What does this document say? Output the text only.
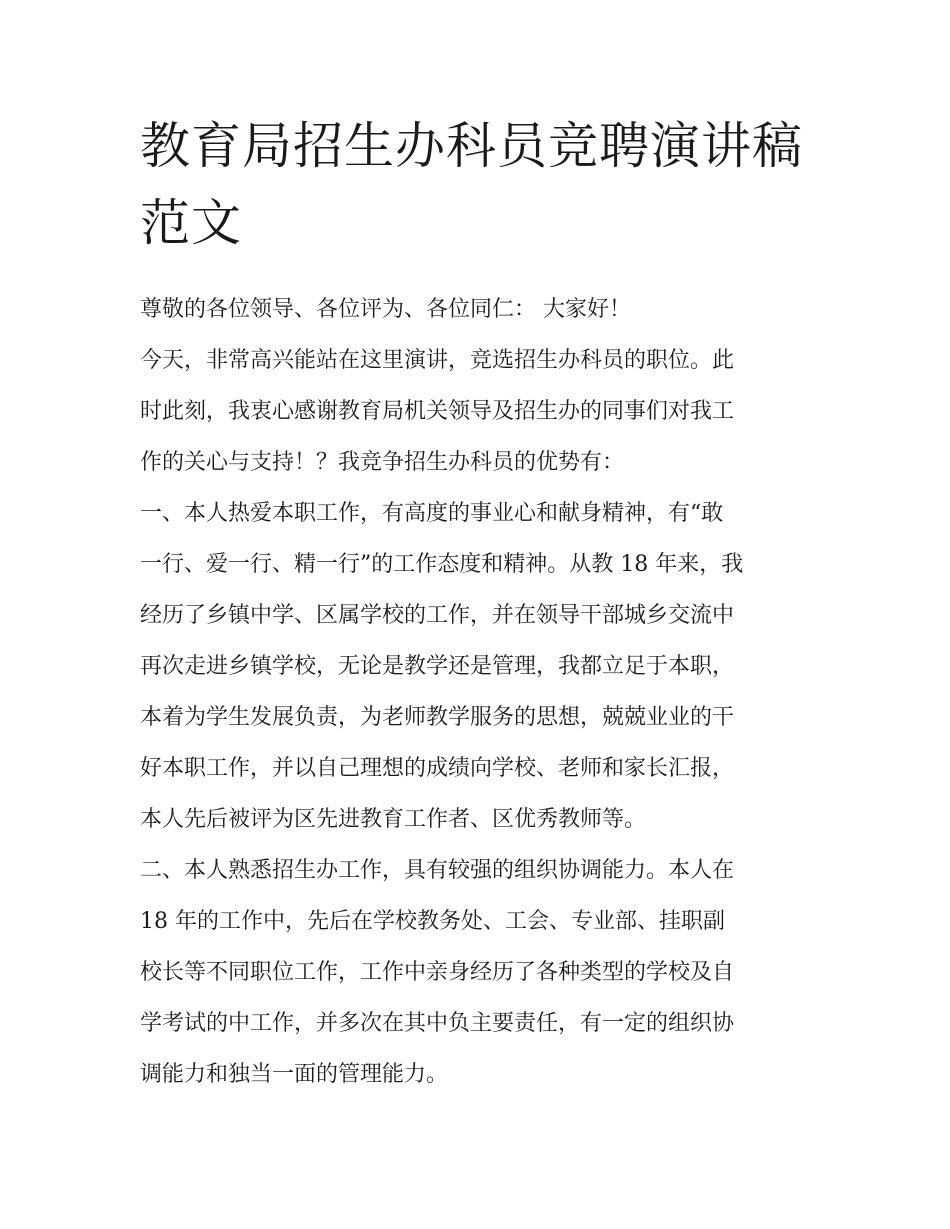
教育局招生办科员竞聘演讲稿
范文

尊敬的各位领导、各位评为、各位同仁： 大家好！

今天，非常高兴能站在这里演讲，竞选招生办科员的职位。此
时此刻，我衷心感谢教育局机关领导及招生办的同事们对我工
作的关心与支持！？我竞争招生办科员的优势有：

一、本人热爱本职工作，有高度的事业心和献身精神，有“敢
一行、爱一行、精一行”的工作态度和精神。从教 18 年来，我
经历了乡镇中学、区属学校的工作，并在领导干部城乡交流中
再次走进乡镇学校，无论是教学还是管理，我都立足于本职，
本着为学生发展负责，为老师教学服务的思想，兢兢业业的干
好本职工作，并以自己理想的成绩向学校、老师和家长汇报，
本人先后被评为区先进教育工作者、区优秀教师等。

二、本人熟悉招生办工作，具有较强的组织协调能力。本人在
18 年的工作中，先后在学校教务处、工会、专业部、挂职副
校长等不同职位工作，工作中亲身经历了各种类型的学校及自
学考试的中工作，并多次在其中负主要责任，有一定的组织协
调能力和独当一面的管理能力。
